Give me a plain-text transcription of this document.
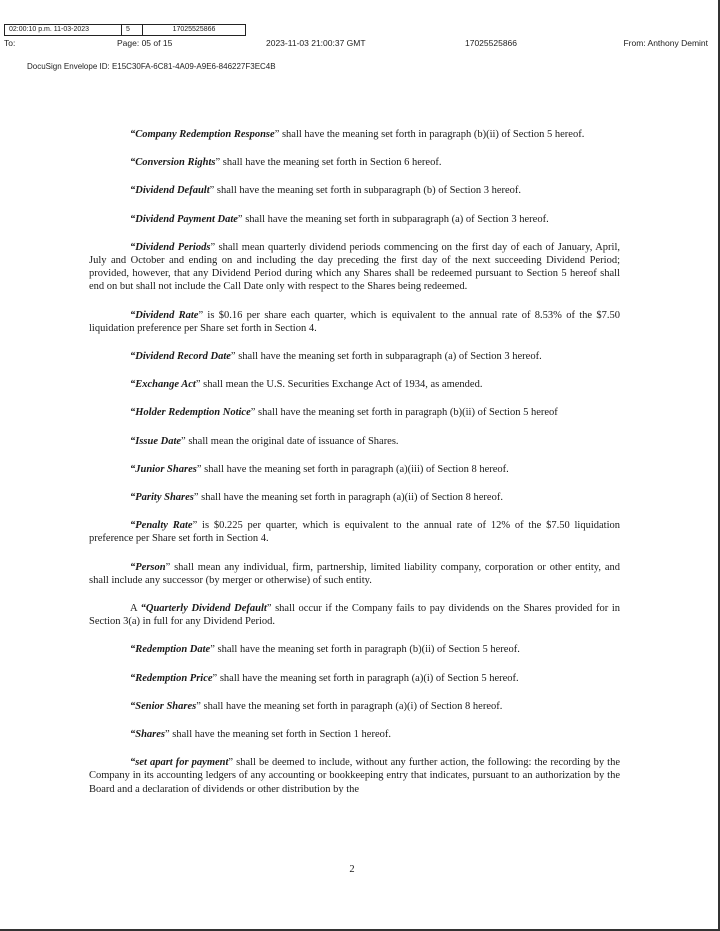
02:00:10 p.m. 11-03-2023	5	17025525866
To:	Page: 05 of 15	2023-11-03 21:00:37 GMT	17025525866	From: Anthony Demint
DocuSign Envelope ID: E15C30FA-6C81-4A09-A9E6-846227F3EC4B

“Company Redemption Response” shall have the meaning set forth in paragraph (b)(ii) of Section 5 hereof.

“Conversion Rights” shall have the meaning set forth in Section 6 hereof.

“Dividend Default” shall have the meaning set forth in subparagraph (b) of Section 3 hereof.

“Dividend Payment Date” shall have the meaning set forth in subparagraph (a) of Section 3 hereof.

“Dividend Periods” shall mean quarterly dividend periods commencing on the first day of each of January, April, July and October and ending on and including the day preceding the first day of the next succeeding Dividend Period; provided, however, that any Dividend Period during which any Shares shall be redeemed pursuant to Section 5 hereof shall end on but shall not include the Call Date only with respect to the Shares being redeemed.

“Dividend Rate” is $0.16 per share each quarter, which is equivalent to the annual rate of 8.53% of the $7.50 liquidation preference per Share set forth in Section 4.

“Dividend Record Date” shall have the meaning set forth in subparagraph (a) of Section 3 hereof.

“Exchange Act” shall mean the U.S. Securities Exchange Act of 1934, as amended.

“Holder Redemption Notice” shall have the meaning set forth in paragraph (b)(ii) of Section 5 hereof

“Issue Date” shall mean the original date of issuance of Shares.

“Junior Shares” shall have the meaning set forth in paragraph (a)(iii) of Section 8 hereof.

“Parity Shares” shall have the meaning set forth in paragraph (a)(ii) of Section 8 hereof.

“Penalty Rate” is $0.225 per quarter, which is equivalent to the annual rate of 12% of the $7.50 liquidation preference per Share set forth in Section 4.

“Person” shall mean any individual, firm, partnership, limited liability company, corporation or other entity, and shall include any successor (by merger or otherwise) of such entity.

A “Quarterly Dividend Default” shall occur if the Company fails to pay dividends on the Shares provided for in Section 3(a) in full for any Dividend Period.

“Redemption Date” shall have the meaning set forth in paragraph (b)(ii) of Section 5 hereof.

“Redemption Price” shall have the meaning set forth in paragraph (a)(i) of Section 5 hereof.

“Senior Shares” shall have the meaning set forth in paragraph (a)(i) of Section 8 hereof.

“Shares” shall have the meaning set forth in Section 1 hereof.

“set apart for payment” shall be deemed to include, without any further action, the following: the recording by the Company in its accounting ledgers of any accounting or bookkeeping entry that indicates, pursuant to an authorization by the Board and a declaration of dividends or other distribution by the

2
